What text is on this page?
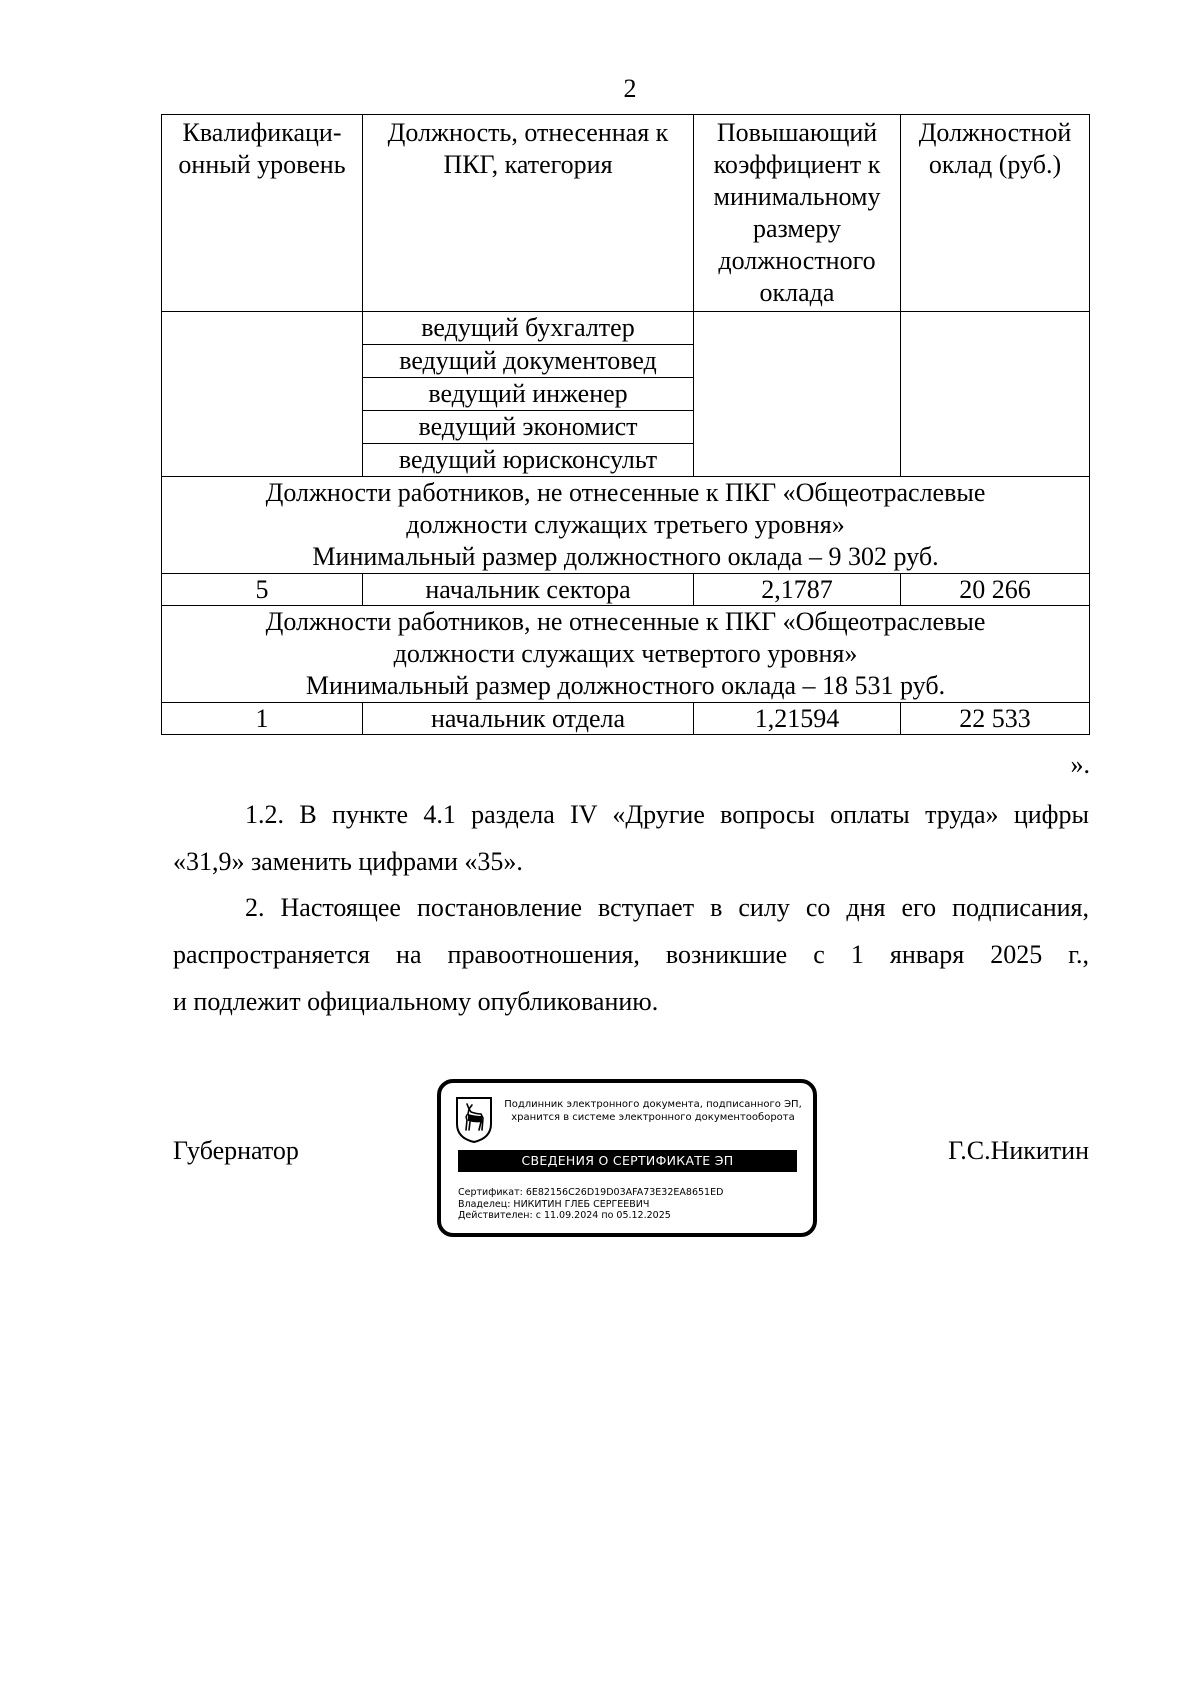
2
Квалификаци-онный уровень	Должность, отнесенная к ПКГ, категория	Повышающий коэффициент к минимальному размеру должностного оклада	Должностной оклад (руб.)
	ведущий бухгалтер		
	ведущий документовед		
	ведущий инженер		
	ведущий экономист		
	ведущий юрисконсульт		
Должности работников, не отнесенные к ПКГ «Общеотраслевые
должности служащих третьего уровня»
Минимальный размер должностного оклада – 9 302 руб.			
5	начальник сектора	2,1787	20 266
Должности работников, не отнесенные к ПКГ «Общеотраслевые
должности служащих четвертого уровня»
Минимальный размер должностного оклада – 18 531 руб.			
1	начальник отдела	1,21594	22 533
».
1.2. В пункте 4.1 раздела IV «Другие вопросы оплаты труда» цифры
«31,9» заменить цифрами «35».
2. Настоящее постановление вступает в силу со дня его подписания,
распространяется на правоотношения, возникшие с 1 января 2025 г.,
и подлежит официальному опубликованию.
Губернатор	Г.С.Никитин
Подлинник электронного документа, подписанного ЭП,
хранится в системе электронного документооборота
СВЕДЕНИЯ О СЕРТИФИКАТЕ ЭП
Сертификат: 6E82156C26D19D03AFA73E32EA8651ED
Владелец: НИКИТИН ГЛЕБ СЕРГЕЕВИЧ
Действителен: с 11.09.2024 по 05.12.2025
